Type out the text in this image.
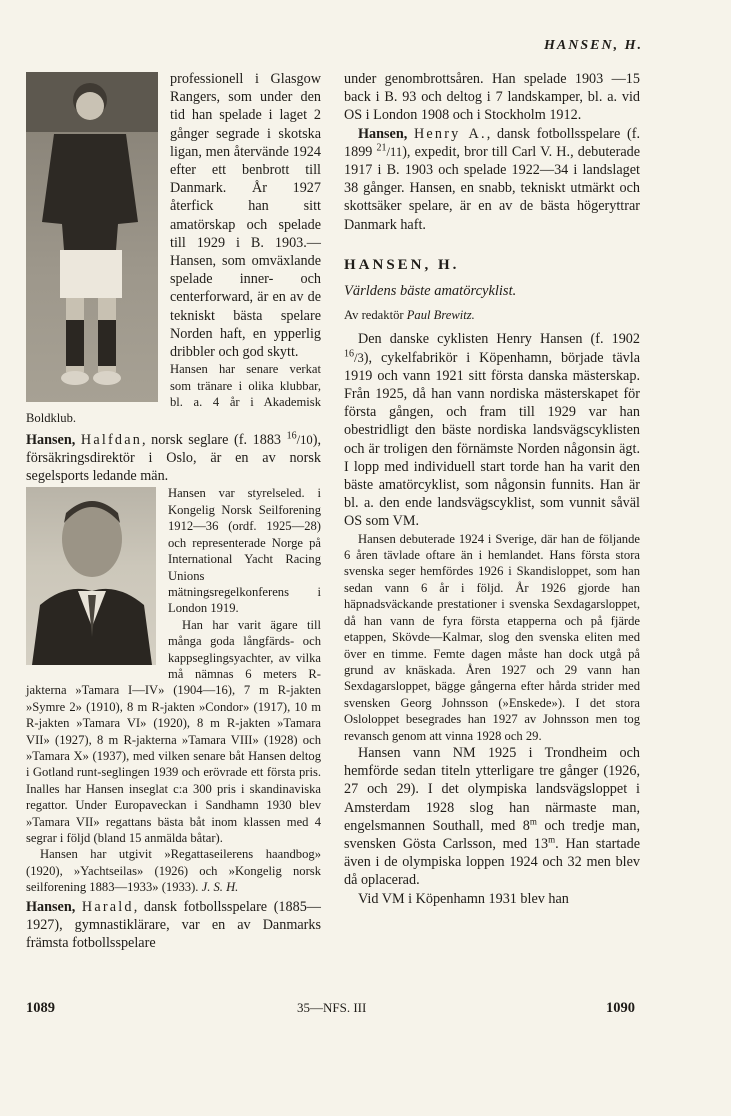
HANSEN, H.

professionell i Glasgow Rangers, som under den tid han spelade i laget 2 gånger segrade i skotska ligan, men återvände 1924 efter ett benbrott till Danmark. År 1927 återfick han sitt amatörskap och spelade till 1929 i B. 1903.—Hansen, som omväxlande spelade inner- och centerforward, är en av de tekniskt bästa spelare Norden haft, en ypperlig dribbler och god skytt.

Hansen har senare verkat som tränare i olika klubbar, bl. a. 4 år i Akademisk Boldklub.

Hansen, Halfdan, norsk seglare (f. 1883 $^{16}$/10), försäkringsdirektör i Oslo, är en av norsk segelsports ledande män.

Hansen var styrelseled. i Kongelig Norsk Seilforening 1912—36 (ordf. 1925—28) och representerade Norge på International Yacht Racing Unions mätningsregelkonferens i London 1919.

Han har varit ägare till många goda långfärds- och kappseglingsyachter, av vilka må nämnas 6 meters R-jakterna »Tamara I—IV» (1904—16), 7 m R-jakten »Symre 2» (1910), 8 m R-jakten »Condor» (1917), 10 m R-jakten »Tamara VI» (1920), 8 m R-jakten »Tamara VII» (1927), 8 m R-jakterna »Tamara VIII» (1928) och »Tamara X» (1937), med vilken senare båt Hansen deltog i Gotland runt-seglingen 1939 och erövrade ett första pris. Inalles har Hansen inseglat c:a 300 pris i skandinaviska regattor. Under Europaveckan i Sandhamn 1930 blev »Tamara VII» regattans bästa båt inom klassen med 4 segrar i följd (bland 15 anmälda båtar).

Hansen har utgivit »Regattaseilerens haandbog» (1920), »Yachtseilas» (1926) och »Kongelig norsk seilforening 1883—1933» (1933). J. S. H.

Hansen, Harald, dansk fotbollsspelare (1885—1927), gymnastiklärare, var en av Danmarks främsta fotbollsspelare

under genombrottsåren. Han spelade 1903 —15 back i B. 93 och deltog i 7 landskamper, bl. a. vid OS i London 1908 och i Stockholm 1912.

Hansen, Henry A., dansk fotbollsspelare (f. 1899 $^{21}$/11), expedit, bror till Carl V. H., debuterade 1917 i B. 1903 och spelade 1922—34 i landslaget 38 gånger. Hansen, en snabb, tekniskt utmärkt och skottsäker spelare, är en av de bästa högeryttrar Danmark haft.

HANSEN, H.
Världens bäste amatörcyklist.
Av redaktör Paul Brewitz.

Den danske cyklisten Henry Hansen (f. 1902 $^{16}$/3), cykelfabrikör i Köpenhamn, började tävla 1919 och vann 1921 sitt första danska mästerskap. Från 1925, då han vann nordiska mästerskapet för första gången, och fram till 1929 var han obestridligt den bäste nordiska landsvägscyklisten och är troligen den förnämste Norden någonsin ägt. I lopp med individuell start torde han ha varit den bäste amatörcyklist, som någonsin funnits. Han är bl. a. den ende landsvägscyklist, som vunnit såväl OS som VM.

Hansen debuterade 1924 i Sverige, där han de följande 6 åren tävlade oftare än i hemlandet. Hans första stora svenska seger hemfördes 1926 i Skandisloppet, som han sedan vann 6 år i följd. År 1926 gjorde han häpnadsväckande prestationer i svenska Sexdagarsloppet, då han vann de fyra första etapperna och på fjärde etappen, Skövde—Kalmar, slog den svenska eliten med över en timme. Femte dagen måste han dock utgå på grund av knäskada. Åren 1927 och 29 vann han Sexdagarsloppet, bägge gångerna efter hårda strider med svensken Georg Johnsson (»Enskede»). I det stora Osloloppet besegrades han 1927 av Johnsson men tog revansch genom att vinna 1928 och 29.

Hansen vann NM 1925 i Trondheim och hemförde sedan titeln ytterligare tre gånger (1926, 27 och 29). I det olympiska landsvägsloppet i Amsterdam 1928 slog han närmaste man, engelsmannen Southall, med 8$^m$ och tredje man, svensken Gösta Carlsson, med 13$^m$. Han startade även i de olympiska loppen 1924 och 32 men blev då oplacerad.

Vid VM i Köpenhamn 1931 blev han

1089	35—NFS. III	1090
